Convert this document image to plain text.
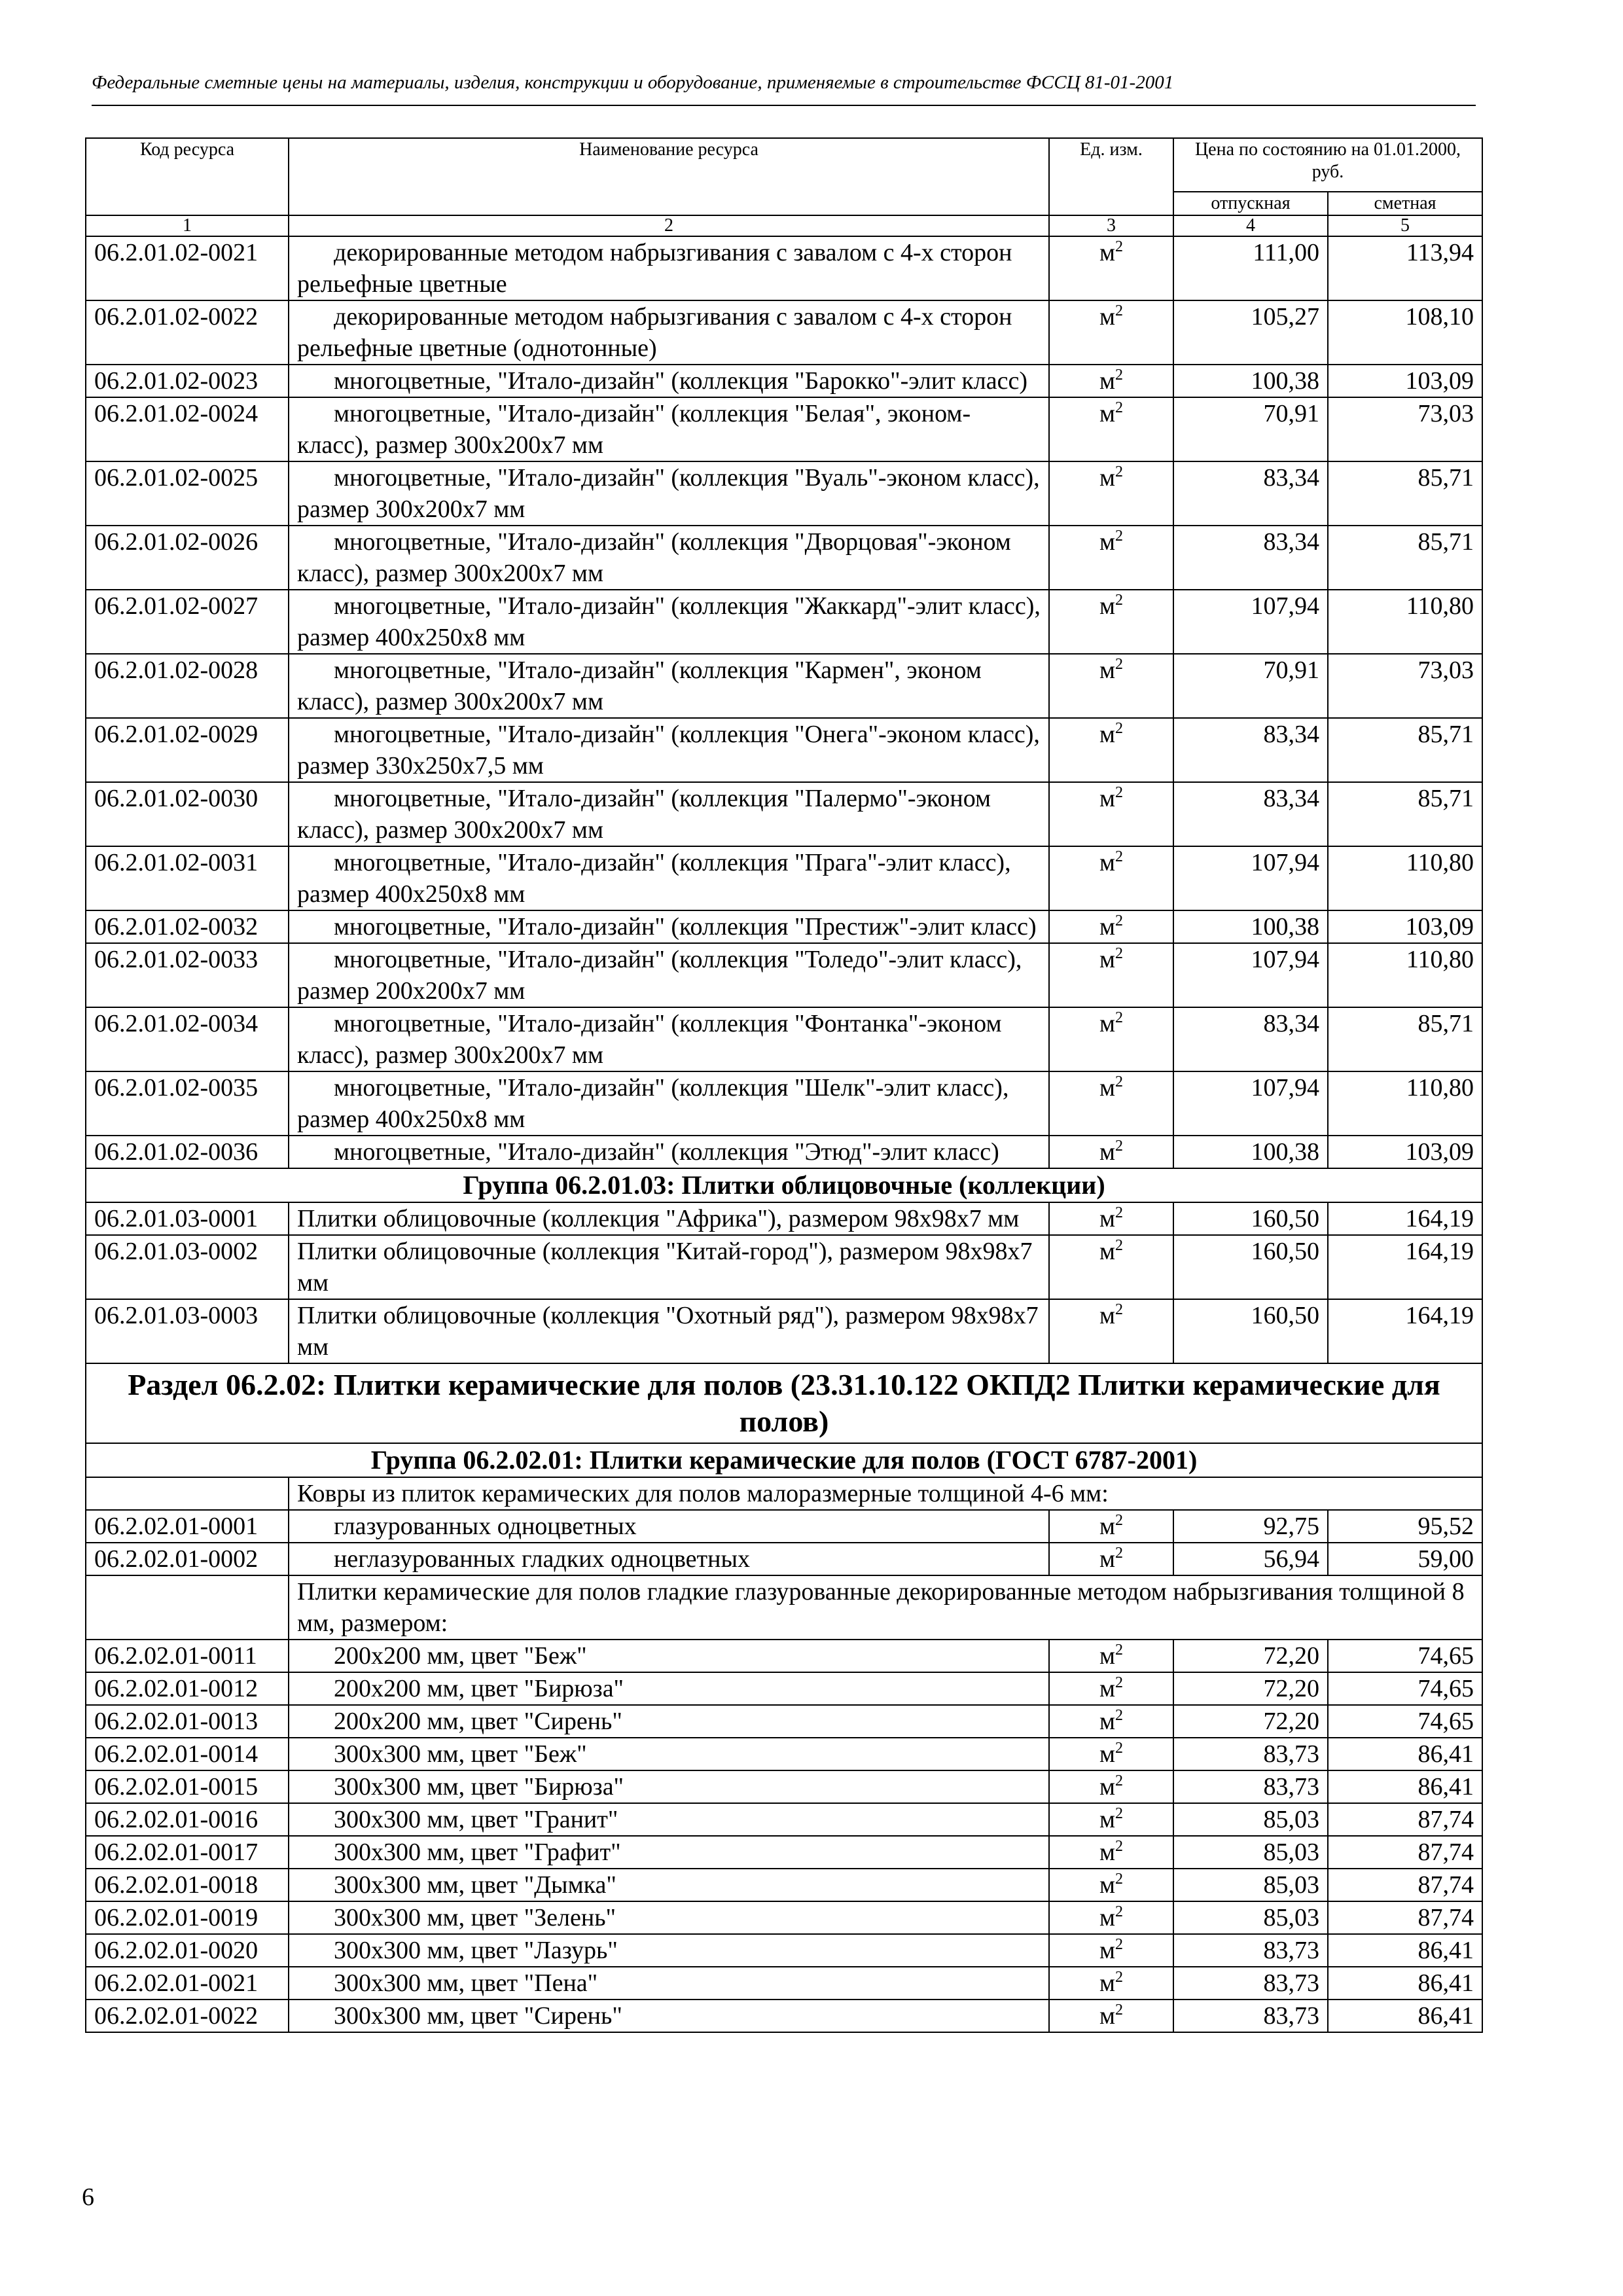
Федеральные сметные цены на материалы, изделия, конструкции и оборудование, применяемые в строительстве ФССЦ 81-01-2001
Код ресурса	Наименование ресурса	Ед. изм.	Цена по состоянию на 01.01.2000, руб.	
			отпускная	сметная
1	2	3	4	5
06.2.01.02-0021	декорированные методом набрызгивания с завалом с 4-х сторон рельефные цветные	$м^2$	111,00	113,94
06.2.01.02-0022	декорированные методом набрызгивания с завалом с 4-х сторон рельефные цветные (однотонные)	$м^2$	105,27	108,10
06.2.01.02-0023	многоцветные, "Итало-дизайн" (коллекция "Барокко"-элит класс)	$м^2$	100,38	103,09
06.2.01.02-0024	многоцветные, "Итало-дизайн" (коллекция "Белая", эконом- класс), размер 300х200х7 мм	$м^2$	70,91	73,03
06.2.01.02-0025	многоцветные, "Итало-дизайн" (коллекция "Вуаль"-эконом класс), размер 300х200х7 мм	$м^2$	83,34	85,71
06.2.01.02-0026	многоцветные, "Итало-дизайн" (коллекция "Дворцовая"-эконом класс), размер 300х200х7 мм	$м^2$	83,34	85,71
06.2.01.02-0027	многоцветные, "Итало-дизайн" (коллекция "Жаккард"-элит класс), размер 400х250х8 мм	$м^2$	107,94	110,80
06.2.01.02-0028	многоцветные, "Итало-дизайн" (коллекция "Кармен", эконом класс), размер 300х200х7 мм	$м^2$	70,91	73,03
06.2.01.02-0029	многоцветные, "Итало-дизайн" (коллекция "Онега"-эконом класс), размер 330х250х7,5 мм	$м^2$	83,34	85,71
06.2.01.02-0030	многоцветные, "Итало-дизайн" (коллекция "Палермо"-эконом класс), размер 300х200х7 мм	$м^2$	83,34	85,71
06.2.01.02-0031	многоцветные, "Итало-дизайн" (коллекция "Прага"-элит класс), размер 400х250х8 мм	$м^2$	107,94	110,80
06.2.01.02-0032	многоцветные, "Итало-дизайн" (коллекция "Престиж"-элит класс)	$м^2$	100,38	103,09
06.2.01.02-0033	многоцветные, "Итало-дизайн" (коллекция "Толедо"-элит класс), размер 200х200х7 мм	$м^2$	107,94	110,80
06.2.01.02-0034	многоцветные, "Итало-дизайн" (коллекция "Фонтанка"-эконом класс), размер 300х200х7 мм	$м^2$	83,34	85,71
06.2.01.02-0035	многоцветные, "Итало-дизайн" (коллекция "Шелк"-элит класс), размер 400х250х8 мм	$м^2$	107,94	110,80
06.2.01.02-0036	многоцветные, "Итало-дизайн" (коллекция "Этюд"-элит класс)	$м^2$	100,38	103,09
Группа 06.2.01.03: Плитки облицовочные (коллекции)				
06.2.01.03-0001	Плитки облицовочные (коллекция "Африка"), размером 98х98х7 мм	$м^2$	160,50	164,19
06.2.01.03-0002	Плитки облицовочные (коллекция "Китай-город"), размером 98х98х7 мм	$м^2$	160,50	164,19
06.2.01.03-0003	Плитки облицовочные (коллекция "Охотный ряд"), размером 98х98х7 мм	$м^2$	160,50	164,19
Раздел 06.2.02: Плитки керамические для полов (23.31.10.122 ОКПД2 Плитки керамические для полов)				
Группа 06.2.02.01: Плитки керамические для полов (ГОСТ 6787-2001)				
	Ковры из плиток керамических для полов малоразмерные толщиной 4-6 мм:			
06.2.02.01-0001	глазурованных одноцветных	$м^2$	92,75	95,52
06.2.02.01-0002	неглазурованных гладких одноцветных	$м^2$	56,94	59,00
	Плитки керамические для полов гладкие глазурованные декорированные методом набрызгивания толщиной 8 мм, размером:			
06.2.02.01-0011	200х200 мм, цвет "Беж"	$м^2$	72,20	74,65
06.2.02.01-0012	200х200 мм, цвет "Бирюза"	$м^2$	72,20	74,65
06.2.02.01-0013	200х200 мм, цвет "Сирень"	$м^2$	72,20	74,65
06.2.02.01-0014	300х300 мм, цвет "Беж"	$м^2$	83,73	86,41
06.2.02.01-0015	300х300 мм, цвет "Бирюза"	$м^2$	83,73	86,41
06.2.02.01-0016	300х300 мм, цвет "Гранит"	$м^2$	85,03	87,74
06.2.02.01-0017	300х300 мм, цвет "Графит"	$м^2$	85,03	87,74
06.2.02.01-0018	300х300 мм, цвет "Дымка"	$м^2$	85,03	87,74
06.2.02.01-0019	300х300 мм, цвет "Зелень"	$м^2$	85,03	87,74
06.2.02.01-0020	300х300 мм, цвет "Лазурь"	$м^2$	83,73	86,41
06.2.02.01-0021	300х300 мм, цвет "Пена"	$м^2$	83,73	86,41
06.2.02.01-0022	300х300 мм, цвет "Сирень"	$м^2$	83,73	86,41
6
